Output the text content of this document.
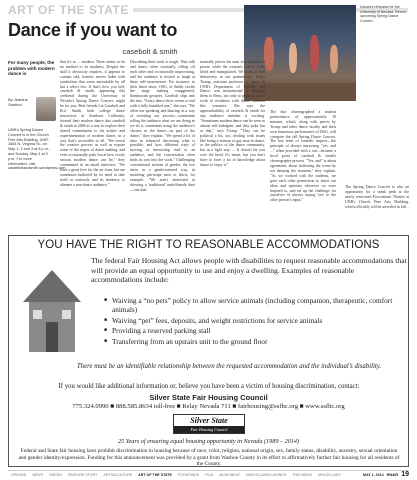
ART OF THE STATE
Dance if you want to
casebolt & smith
Dancers rehearse for the University of Nevada, Reno's upcoming Spring Dance Concert.
For many people, the problem with modern dance is
By Jeanine Santina
UNR's Spring Dance Concert is in the Church Fine Arts Building, UNR, 1664 N. Virginia St., on May 1, 2 and 3 at 8 p.m., and Sunday, May 4 at 2 p.m. For more information, visit casteboltandsmith.wordpress.com

that it's so ... modern. There seems to be no method to its madness. Despite the skill it obviously requires, it appears to contain odd, frenetic moves laden with symbolism that seem unreadable by all but a select few. If that's how you feel, casebolt & smith, appearing this weekend during the University of Nevada's Spring Dance Concert, might be for you. Best friends Liz Casebolt and Eric Smith, both college dance instructors in Southern California, formed their modern dance duo casebolt & smith in 2006 as a way to explore their shared commitment to the artistic and experimentation of modern dance, in a way that's accessible to all. "We reveal the creative process as well as expose some of the tropes of dance making, and even occasionally poke fun at how overly serious modern dance can be," they commented in an email interview. "We have a great love for the art form, but are sometimes bothered by its need to take itself so seriously and its tendency to alienate a non-dance audience."

Describing their work is tough: They talk and dance, often ironically, riffing off each other and occasionally improvising, and the audience is invited to laugh at these self-awarenesses. For instance, in their latest show, OSG, in Smith circles the stage making exaggerated, flamboyant gestures, Casebolt slips into the mix. "Every dance show seems to end with a fully humbled one," she says. "We often use speaking and dancing as a way of revealing our process—sometimes telling the audience what we are doing as we do it, sometimes using the audience's choices in the dance—as part of the dance," they explain. "We spend a lot of time in rehearsal discussing what is possible, and how different ways of moving or interacting read to an audience, and the conversation often finds its way into the work." Challenging conventional notions of gender, the two show in a gentle-natured way, in matching pin-stripe suits or shirts, for example. "We aren't interested in showing a 'traditional' male/female duet—one that

normally places the man in a position of power, while the woman's role is to be lifted and manipulated. We work to find democracy in our partnership." Jessie Tromp, assistant professor of dance in UNR's Department of Theater and Dance, was instrumental in bringing them to Reno, not only to perform but to work in residence with dance students this semester. She says the approachability of casebolt & smith for any audience member is exciting. "Sometimes modern dance can be seen as almost self-indulgent, and they poke fun at that," says Tromp. "They can be political a bit, too, dealing with issues like being a woman or gay man in dance, or the politics of the dance community, but in a light way. ... It doesn't hit you over the head. It's smart, but you don't have to have a lot of knowledge about dance to enjoy it."

The duo choreographed a student performance of approximately 10 minutes, which, along with pieces by Tromp and other dance faculty and their own humorous performance of DSG, will comprise the fall Spring Dance Concert. The key tenet of comedic improv—the principle of always answering "yes, and ..." when provided with a cue—became a focal point of casebolt & smith's choreography process. "Yes, and" is about agreement, about furthering the scene by not denying the moment," they explain. "As we worked with the students, we gave each other permission to insert our ideas and opinions wherever we were inspired to, and set up the challenge for ourselves of always saying 'yes' to the other person's input."

The Spring Dance Concert is also an opportunity for a sneak peek at the newly renovated Proscenium Theatre at UNR's Church Fine Arts Building, which officially will be unveiled in fall.

YOU HAVE THE RIGHT TO REASONABLE ACCOMMODATIONS
The federal Fair Housing Act allows people with disabilities to request reasonable accommodations that will provide an equal opportunity to use and enjoy a dwelling. Examples of reasonable accommodations include:
■ Waiving a “no pets” policy to allow service animals (including companion, therapeutic, comfort animals)
■ Waiving “pet” fees, deposits, and weight restrictions for service animals
■ Providing a reserved parking stall
■ Transferring from an upstairs unit to the ground floor
There must be an identifiable relationship between the requested accommodation and the individual’s disability.
If you would like additional information or, believe you have been a victim of housing discrimination, contact:
Silver State Fair Housing Council
775.324.0990 ■ 888.585.8634 toll-free ■ Relay Nevada 711 ■ fairhousing@ssfhc.org ■ www.ssfhc.org
Silver State
Fair Housing Council
25 Years of ensuring equal housing opportunity in Nevada (1989 – 2014)
Federal and State fair housing laws prohibit discrimination in housing because of race, color, religion, national origin, sex, family status, disability, ancestry, sexual orientation and gender identity/expression. Funding for this announcement was provided by a grant from Washoe County in its effort to affirmatively further fair housing for all residents of the County.
OPINION	NEWS	GREEN	FEATURE STORY	ARTS&CULTURE	ART OF THE STATE	FOODFINDS	FILM	MUSICBEAT	NIGHTCLUBS/CASINOS	THIS WEEK	MISCELLANY	MAY 1, 2014 RN&R 19
